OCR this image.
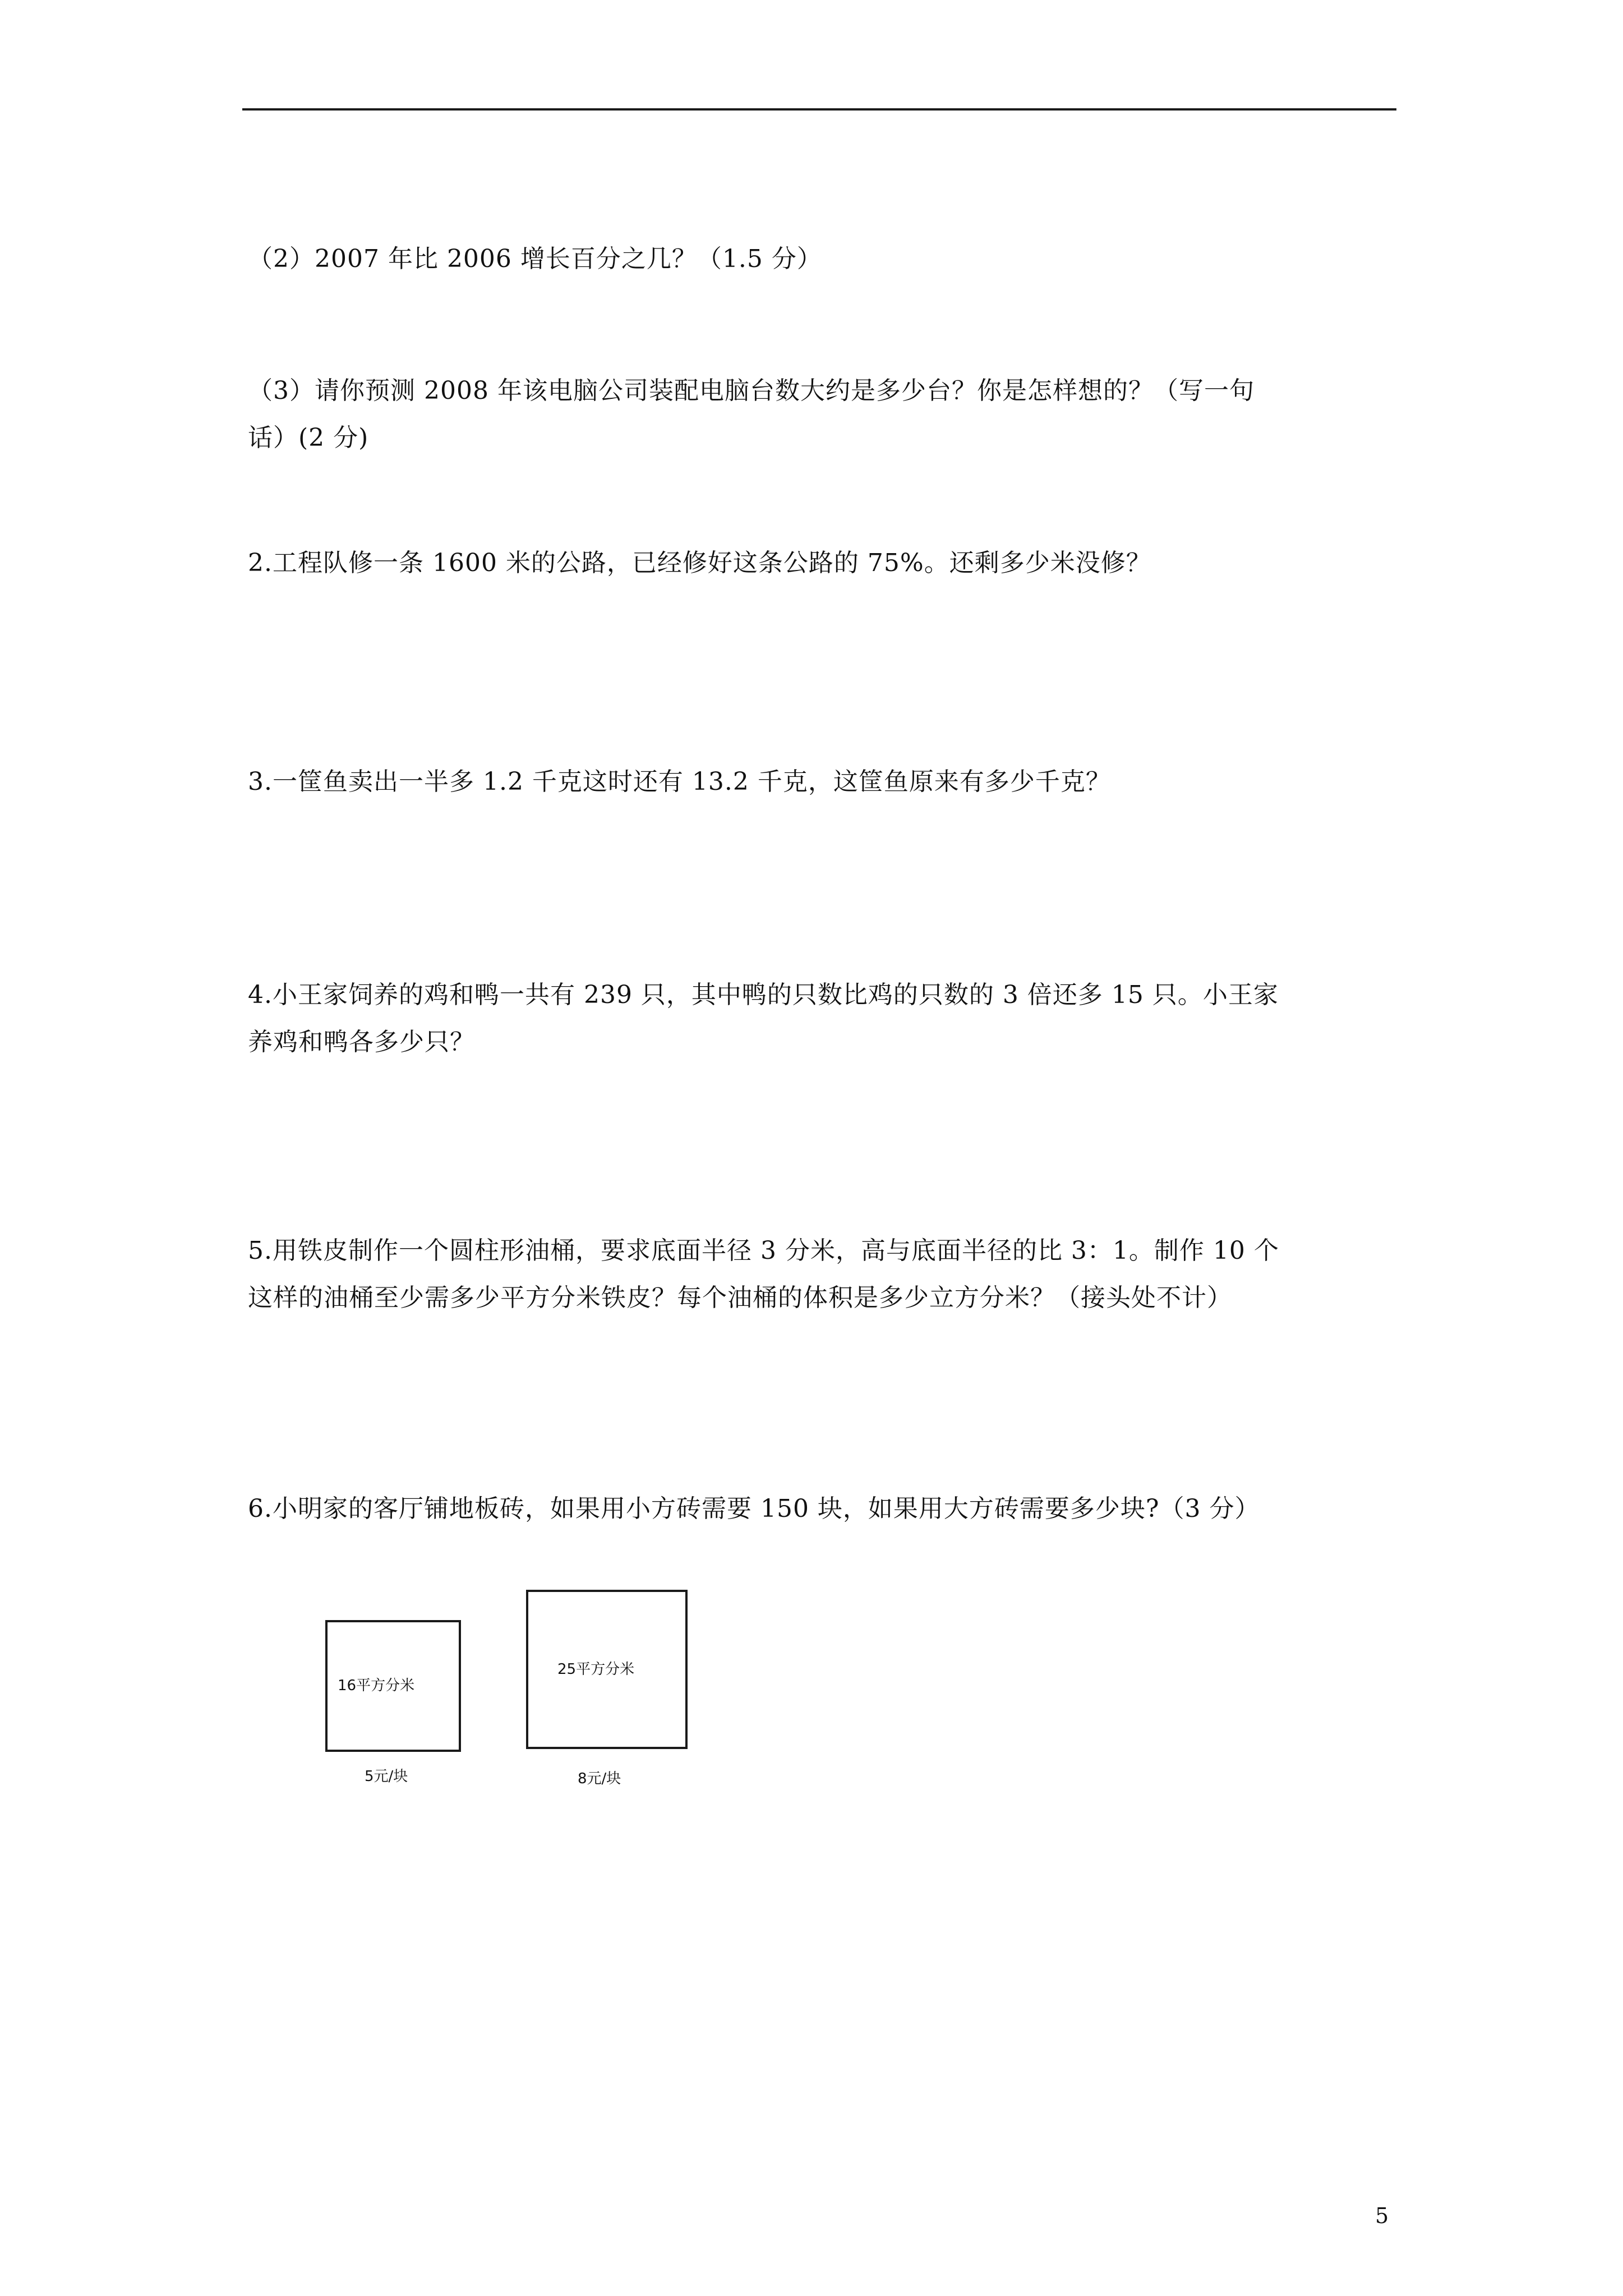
（2）2007 年比 2006 增长百分之几？（1.5 分）
（3）请你预测 2008 年该电脑公司装配电脑台数大约是多少台？你是怎样想的？（写一句
话）(2 分)
2.工程队修一条 1600 米的公路，已经修好这条公路的 75%。还剩多少米没修？
3.一筐鱼卖出一半多 1.2 千克这时还有 13.2 千克，这筐鱼原来有多少千克？
4.小王家饲养的鸡和鸭一共有 239 只，其中鸭的只数比鸡的只数的 3 倍还多 15 只。小王家
养鸡和鸭各多少只？
5.用铁皮制作一个圆柱形油桶，要求底面半径 3 分米，高与底面半径的比 3：1。制作 10 个
这样的油桶至少需多少平方分米铁皮？每个油桶的体积是多少立方分米？（接头处不计）
6.小明家的客厅铺地板砖，如果用小方砖需要 150 块，如果用大方砖需要多少块?（3 分）
16平方分米
5元/块
25平方分米
8元/块
5
